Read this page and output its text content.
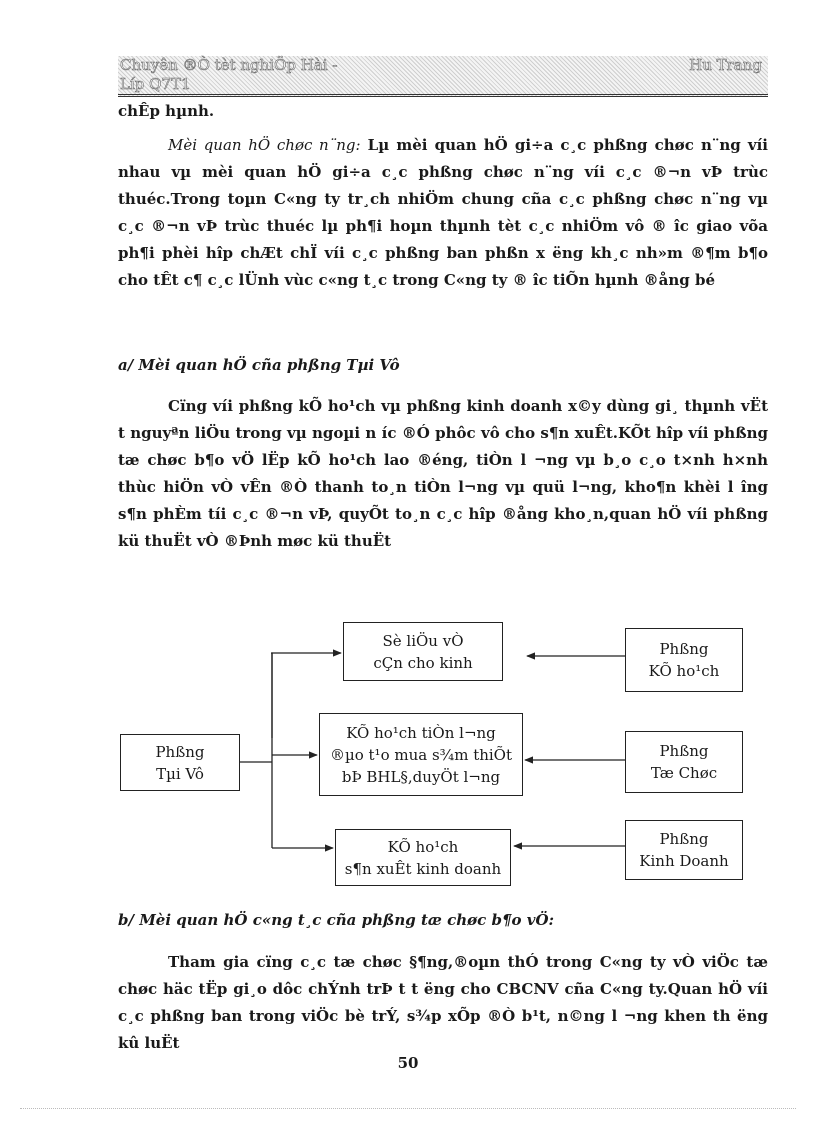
Chuyên ®Ò tèt nghiÖp Hài - Líp Q7T1
Hu Trang

chÊp hµnh.

Mèi quan hÖ chøc n¨ng: Lµ mèi quan hÖ gi÷a c¸c phßng chøc n¨ng víi nhau vµ mèi quan hÖ gi÷a c¸c phßng chøc n¨ng víi c¸c ®¬n vÞ trùc thuéc.Trong toµn C«ng ty tr¸ch nhiÖm chung cña c¸c phßng chøc n¨ng vµ c¸c ®¬n vÞ trùc thuéc lµ ph¶i hoµn thµnh tèt c¸c nhiÖm vô ® îc giao võa ph¶i phèi hîp chÆt chÏ víi c¸c phßng ban phßn x ëng kh¸c nh»m ®¶m b¶o cho tÊt c¶ c¸c lÜnh vùc c«ng t¸c trong C«ng ty ® îc tiÕn hµnh ®ång bé

a/ Mèi quan hÖ cña phßng Tµi Vô

Cïng víi phßng kÕ ho¹ch vµ phßng kinh doanh x©y dùng gi¸ thµnh vËt t nguyªn liÖu trong vµ ngoµi n íc ®Ó phôc vô cho s¶n xuÊt.KÕt hîp víi phßng tæ chøc b¶o vÖ lËp kÕ ho¹ch lao ®éng, tiÒn l ¬ng vµ b¸o c¸o t×nh h×nh thùc hiÖn vÒ vÊn ®Ò thanh to¸n tiÒn l¬ng vµ quü l¬ng, kho¶n khèi l îng s¶n phÈm tíi c¸c ®¬n vÞ, quyÕt to¸n c¸c hîp ®ång kho¸n,quan hÖ víi phßng kü thuËt vÒ ®Þnh møc kü thuËt

Phßng
Tµi Vô
Sè liÖu vÒ
cÇn cho kinh
KÕ ho¹ch tiÒn l¬ng
®µo t¹o mua s¾m thiÕt
bÞ BHL§,duyÖt l¬ng
KÕ ho¹ch
s¶n xuÊt kinh doanh
Phßng
KÕ ho¹ch
Phßng
Tæ Chøc
Phßng
Kinh Doanh

b/ Mèi quan hÖ c«ng t¸c cña phßng tæ chøc b¶o vÖ:

Tham gia cïng c¸c tæ chøc §¶ng,®oµn thÓ trong C«ng ty vÒ viÖc tæ chøc häc tËp gi¸o dôc chÝnh trÞ t t ëng cho CBCNV cña C«ng ty.Quan hÖ víi c¸c phßng ban trong viÖc bè trÝ, s¾p xÕp ®Ò b¹t, n©ng l ¬ng khen th ëng kû luËt

50
